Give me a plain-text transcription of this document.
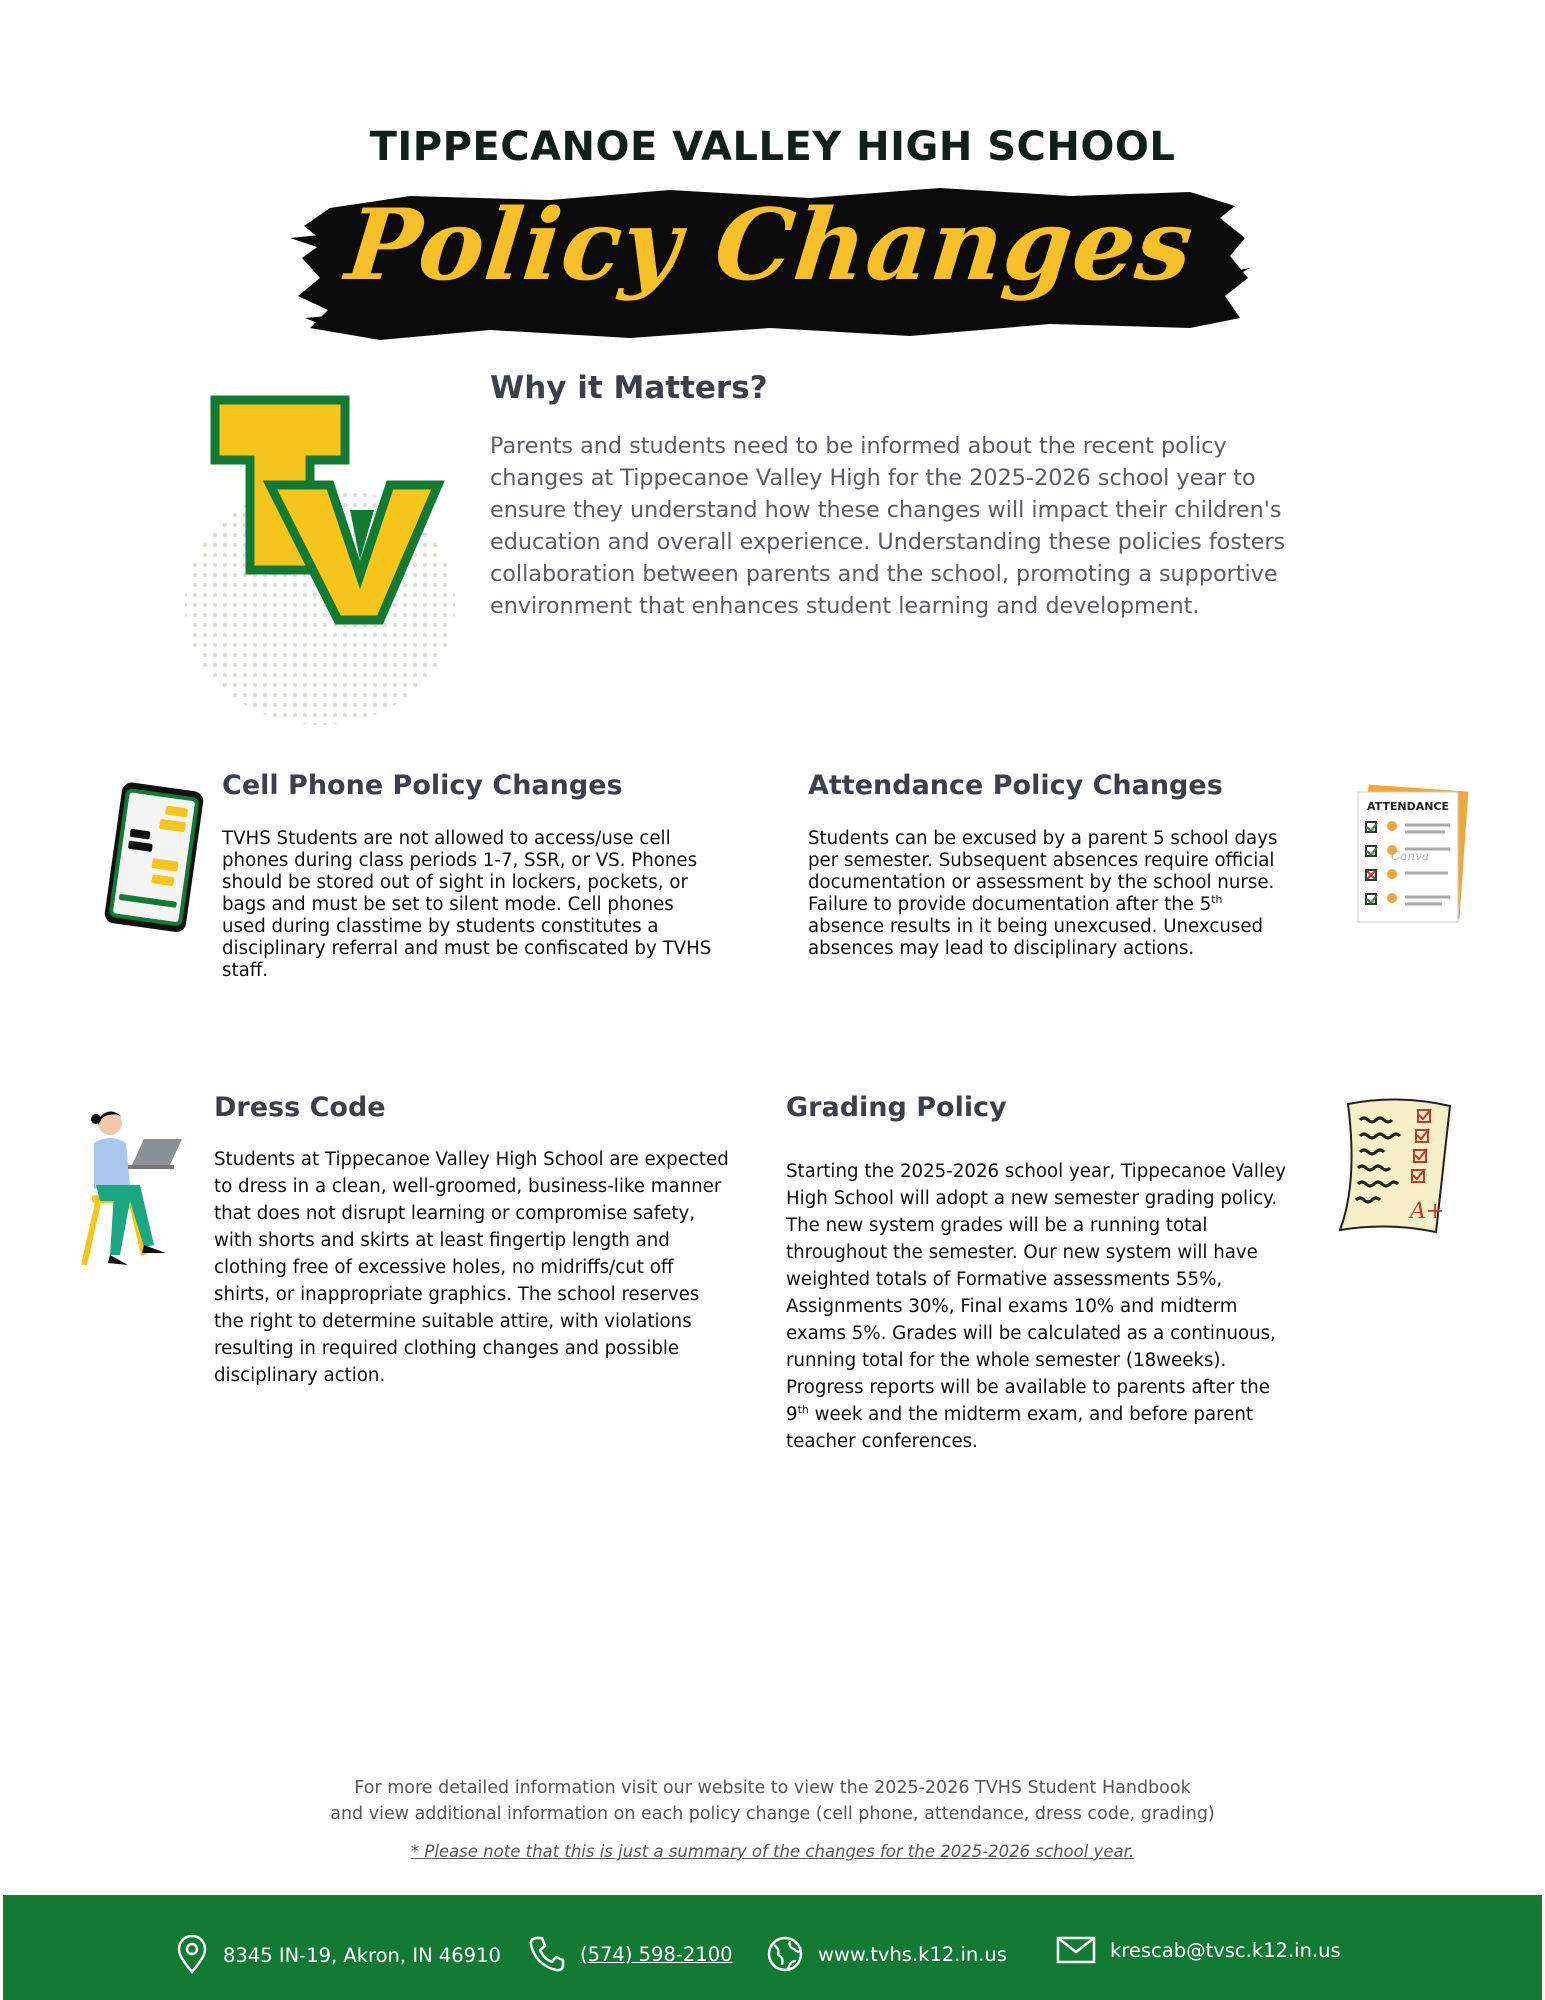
TIPPECANOE VALLEY HIGH SCHOOL
Policy Changes
Why it Matters?
Parents and students need to be informed about the recent policy changes at Tippecanoe Valley High for the 2025-2026 school year to ensure they understand how these changes will impact their children's education and overall experience. Understanding these policies fosters collaboration between parents and the school, promoting a supportive environment that enhances student learning and development.
Cell Phone Policy Changes
TVHS Students are not allowed to access/use cell phones during class periods 1-7, SSR, or VS. Phones should be stored out of sight in lockers, pockets, or bags and must be set to silent mode. Cell phones used during classtime by students constitutes a disciplinary referral and must be confiscated by TVHS staff.
Attendance Policy Changes
Students can be excused by a parent 5 school days per semester. Subsequent absences require official documentation or assessment by the school nurse. Failure to provide documentation after the 5th absence results in it being unexcused. Unexcused absences may lead to disciplinary actions.
ATTENDANCE
Canva
Dress Code
Students at Tippecanoe Valley High School are expected to dress in a clean, well-groomed, business-like manner that does not disrupt learning or compromise safety, with shorts and skirts at least fingertip length and clothing free of excessive holes, no midriffs/cut off shirts, or inappropriate graphics. The school reserves the right to determine suitable attire, with violations resulting in required clothing changes and possible disciplinary action.
Grading Policy
Starting the 2025-2026 school year, Tippecanoe Valley High School will adopt a new semester grading policy. The new system grades will be a running total throughout the semester. Our new system will have weighted totals of Formative assessments 55%, Assignments 30%, Final exams 10% and midterm exams 5%. Grades will be calculated as a continuous, running total for the whole semester (18weeks). Progress reports will be available to parents after the 9th week and the midterm exam, and before parent teacher conferences.
A+
For more detailed information visit our website to view the 2025-2026 TVHS Student Handbook
and view additional information on each policy change (cell phone, attendance, dress code, grading)
* Please note that this is just a summary of the changes for the 2025-2026 school year.
8345 IN-19, Akron, IN 46910	(574) 598-2100	www.tvhs.k12.in.us	krescab@tvsc.k12.in.us
